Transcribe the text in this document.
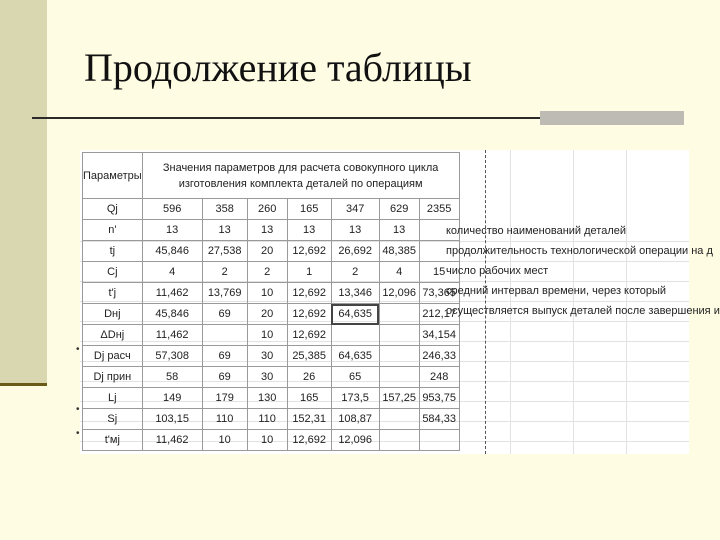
Продолжение таблицы
Параметры	Значения параметров для расчета совокупного цикла изготовления комплекта деталей по операциям						
Qj	596	358	260	165	347	629	2355
n'	13	13	13	13	13	13	
tj	45,846	27,538	20	12,692	26,692	48,385	
Cj	4	2	2	1	2	4	15
t'j	11,462	13,769	10	12,692	13,346	12,096	73,365
Dнj	45,846	69	20	12,692	64,635		212,17
ΔDнj	11,462		10	12,692			34,154
Dj расч	57,308	69	30	25,385	64,635		246,33
Dj прин	58	69	30	26	65		248
Lj	149	179	130	165	173,5	157,25	953,75
Sj	103,15	110	110	152,31	108,87		584,33
t'мj	11,462	10	10	12,692	12,096		
количество наименований деталей
продолжительность технологической операции на д
число рабочих мест
средний интервал времени, через который
осуществляется выпуск деталей после завершения и
•
•
•
